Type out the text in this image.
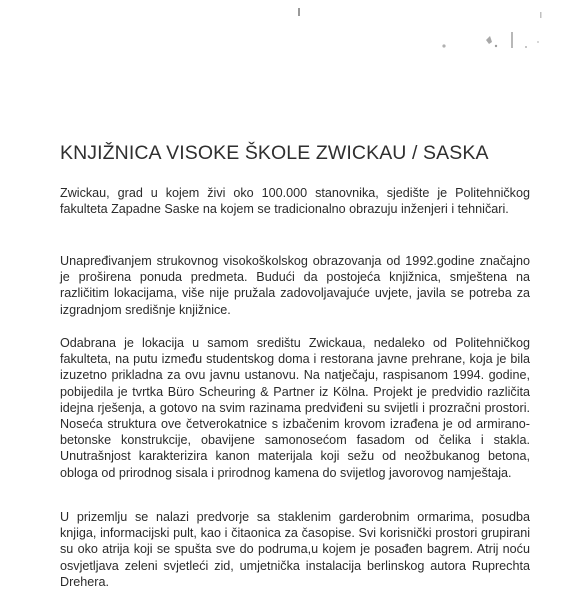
KNJIŽNICA VISOKE ŠKOLE ZWICKAU / SASKA

Zwickau, grad u kojem živi oko 100.000 stanovnika, sjedište je Politehničkog fakulteta Zapadne Saske na kojem se tradicionalno obrazuju inženjeri i tehničari.

Unapređivanjem strukovnog visokoškolskog obrazovanja od 1992.godine značajno je proširena ponuda predmeta. Budući da postojeća knjižnica, smještena na različitim lokacijama, više nije pružala zadovoljavajuće uvjete, javila se potreba za izgradnjom središnje knjižnice.

Odabrana je lokacija u samom središtu Zwickaua, nedaleko od Politehničkog fakulteta, na putu između studentskog doma i restorana javne prehrane, koja je bila izuzetno prikladna za ovu javnu ustanovu. Na natječaju, raspisanom 1994. godine, pobijedila je tvrtka Büro Scheuring & Partner iz Kölna. Projekt je predvidio različita idejna rješenja, a gotovo na svim razinama predviđeni su svijetli i prozračni prostori. Noseća struktura ove četverokatnice s izbačenim krovom izrađena je od armirano-betonske konstrukcije, obavijene samonosećom fasadom od čelika i stakla. Unutrašnjost karakterizira kanon materijala koji sežu od neožbukanog betona, obloga od prirodnog sisala i prirodnog kamena do svijetlog javorovog namještaja.

U prizemlju se nalazi predvorje sa staklenim garderobnim ormarima, posudba knjiga, informacijski pult, kao i čitaonica za časopise. Svi korisnički prostori grupirani su oko atrija koji se spušta sve do podruma,u kojem je posađen bagrem. Atrij noću osvjetljava zeleni svjetleći zid, umjetnička instalacija berlinskog autora Ruprechta Drehera.
